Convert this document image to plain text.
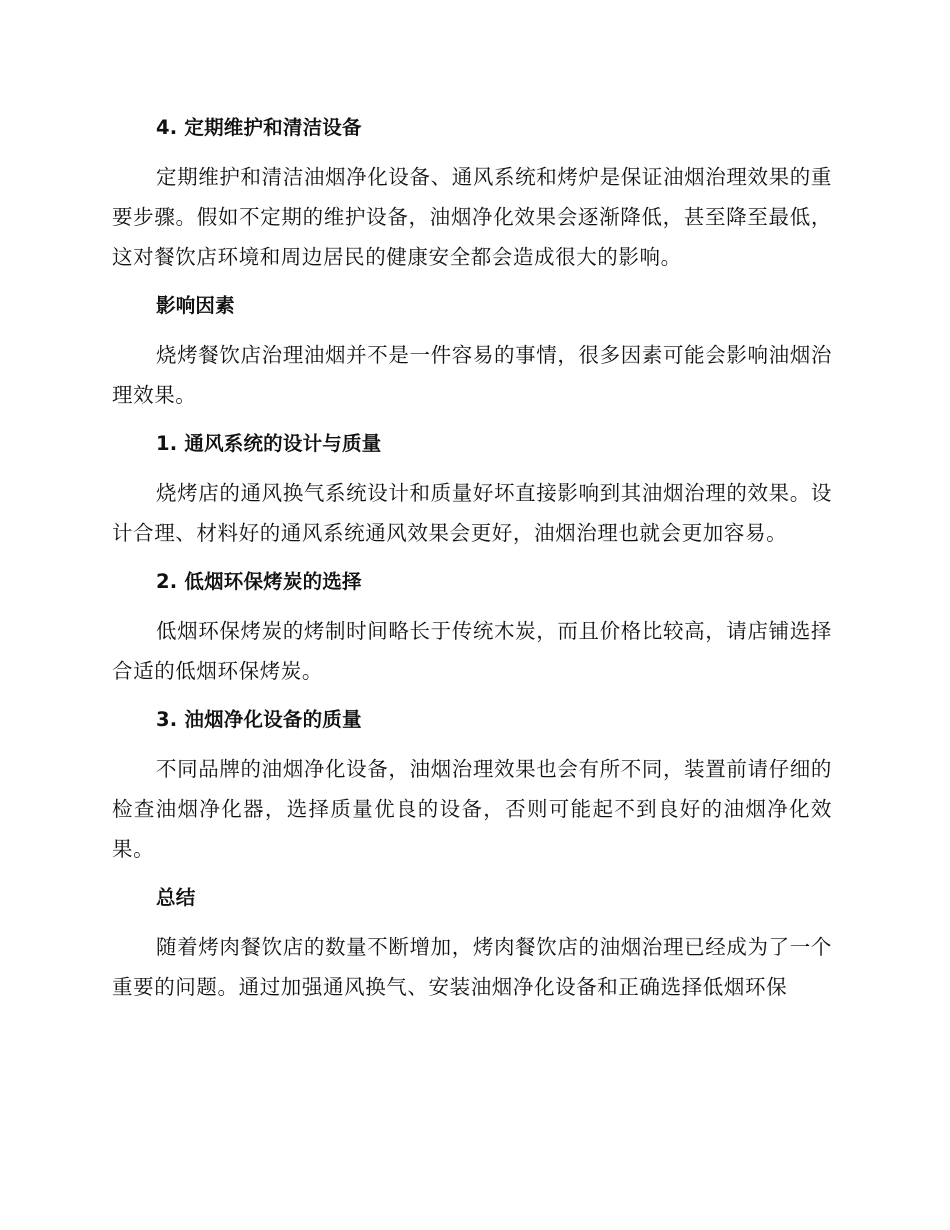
4. 定期维护和清洁设备

定期维护和清洁油烟净化设备、通风系统和烤炉是保证油烟治理效果的重要步骤。假如不定期的维护设备，油烟净化效果会逐渐降低，甚至降至最低，这对餐饮店环境和周边居民的健康安全都会造成很大的影响。

影响因素

烧烤餐饮店治理油烟并不是一件容易的事情，很多因素可能会影响油烟治理效果。

1. 通风系统的设计与质量

烧烤店的通风换气系统设计和质量好坏直接影响到其油烟治理的效果。设计合理、材料好的通风系统通风效果会更好，油烟治理也就会更加容易。

2. 低烟环保烤炭的选择

低烟环保烤炭的烤制时间略长于传统木炭，而且价格比较高，请店铺选择合适的低烟环保烤炭。

3. 油烟净化设备的质量

不同品牌的油烟净化设备，油烟治理效果也会有所不同，装置前请仔细的检查油烟净化器，选择质量优良的设备，否则可能起不到良好的油烟净化效果。

总结

随着烤肉餐饮店的数量不断增加，烤肉餐饮店的油烟治理已经成为了一个重要的问题。通过加强通风换气、安装油烟净化设备和正确选择低烟环保
